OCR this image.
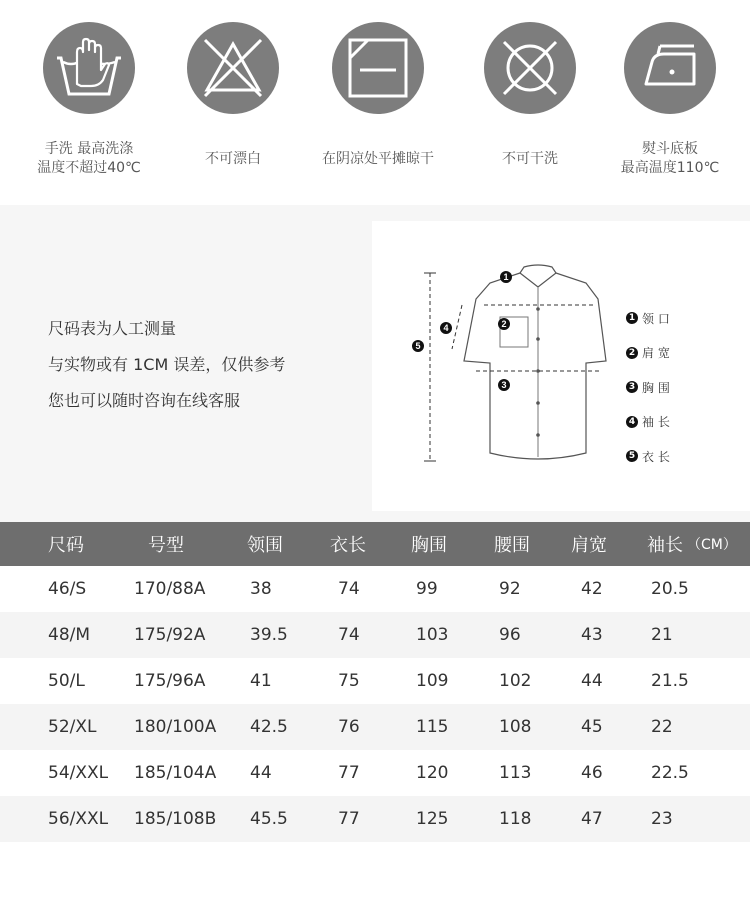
手洗 最高洗涤
温度不超过40℃
不可漂白	在阴凉处平摊晾干	不可干洗
熨斗底板
最高温度110℃

尺码表为人工测量

与实物或有 1CM 误差，仅供参考

您也可以随时咨询在线客服

1
2
3
4
5
1 领 口
2 肩 宽
3 胸 围
4 袖 长
5 衣 长
尺码	号型	领围	衣长	胸围	腰围 肩宽 袖长 （CM）
46/S	170/88A	38	74	99	92	42	20.5
48/M	175/92A	39.5	74	103	96	43	21
50/L	175/96A	41	75	109	102	44	21.5
52/XL 180/100A 42.5	76	115	108	45	22
54/XXL 185/104A 44	77	120	113	46	22.5
56/XXL 185/108B 45.5	77	125	118	47	23
